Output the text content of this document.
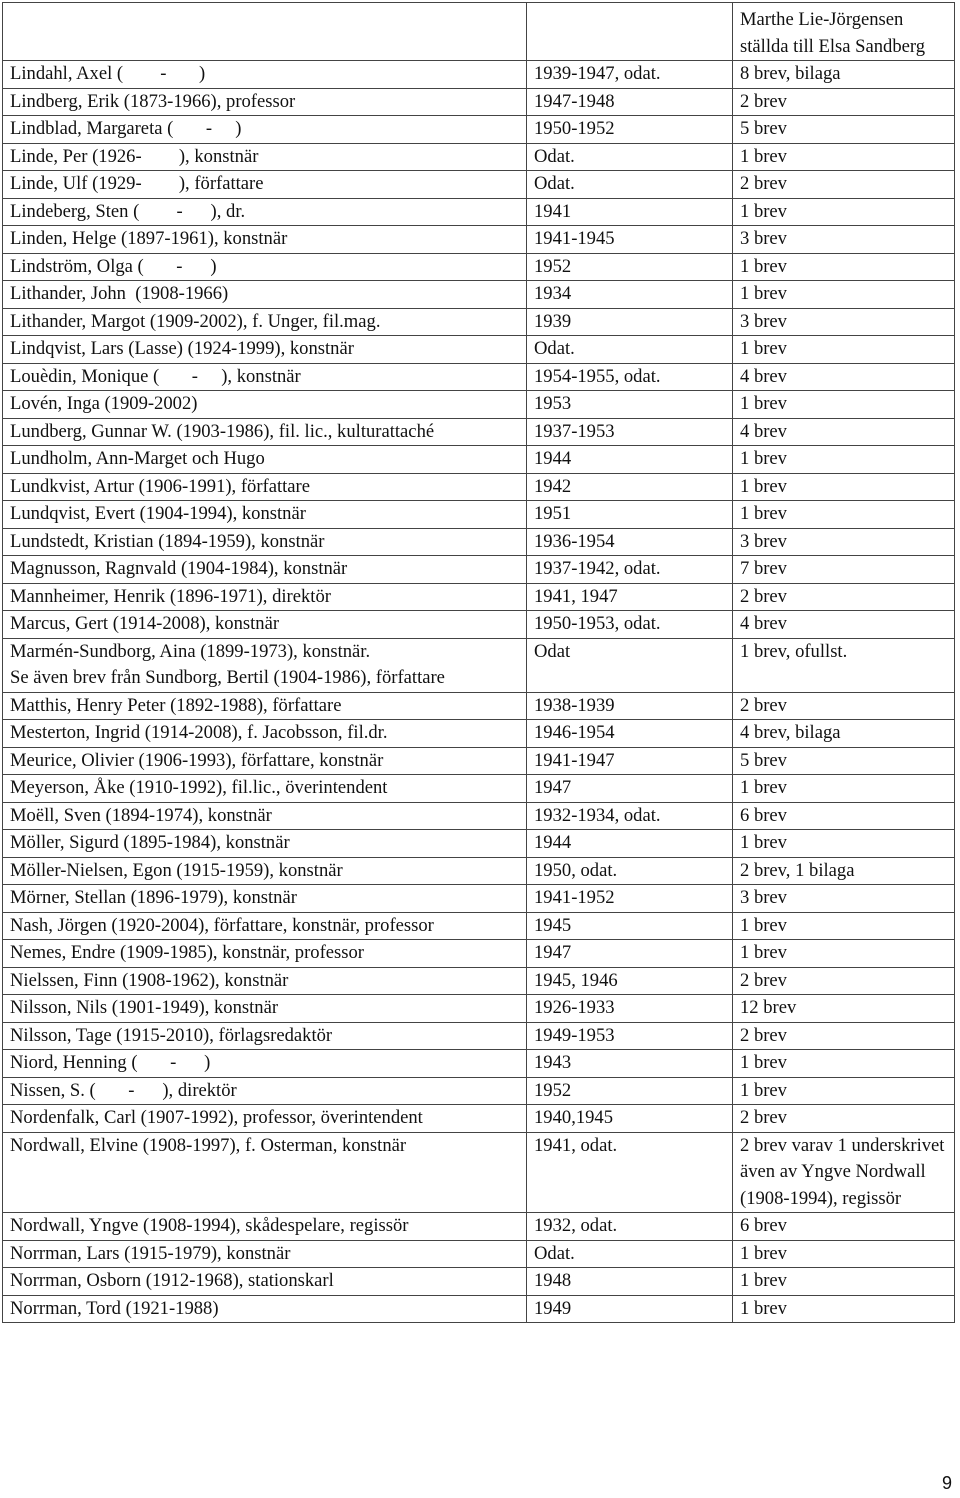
		Marthe Lie-Jörgensen ställda till Elsa Sandberg
Lindahl, Axel (        -       )	1939-1947, odat.	8 brev, bilaga
Lindberg, Erik (1873-1966), professor	1947-1948	2 brev
Lindblad, Margareta (       -     )	1950-1952	5 brev
Linde, Per (1926-        ), konstnär	Odat.	1 brev
Linde, Ulf (1929-        ), författare	Odat.	2 brev
Lindeberg, Sten (        -      ), dr.	1941	1 brev
Linden, Helge (1897-1961), konstnär	1941-1945	3 brev
Lindström, Olga (       -      )	1952	1 brev
Lithander, John  (1908-1966)	1934	1 brev
Lithander, Margot (1909-2002), f. Unger, fil.mag.	1939	3 brev
Lindqvist, Lars (Lasse) (1924-1999), konstnär	Odat.	1 brev
Louèdin, Monique (       -     ), konstnär	1954-1955, odat.	4 brev
Lovén, Inga (1909-2002)	1953	1 brev
Lundberg, Gunnar W. (1903-1986), fil. lic., kulturattaché	1937-1953	4 brev
Lundholm, Ann-Marget och Hugo	1944	1 brev
Lundkvist, Artur (1906-1991), författare	1942	1 brev
Lundqvist, Evert (1904-1994), konstnär	1951	1 brev
Lundstedt, Kristian (1894-1959), konstnär	1936-1954	3 brev
Magnusson, Ragnvald (1904-1984), konstnär	1937-1942, odat.	7 brev
Mannheimer, Henrik (1896-1971), direktör	1941, 1947	2 brev
Marcus, Gert (1914-2008), konstnär	1950-1953, odat.	4 brev
Marmén-Sundborg, Aina (1899-1973), konstnär.
Se även brev från Sundborg, Bertil (1904-1986), författare	Odat	1 brev, ofullst.
Matthis, Henry Peter (1892-1988), författare	1938-1939	2 brev
Mesterton, Ingrid (1914-2008), f. Jacobsson, fil.dr.	1946-1954	4 brev, bilaga
Meurice, Olivier (1906-1993), författare, konstnär	1941-1947	5 brev
Meyerson, Åke (1910-1992), fil.lic., överintendent	1947	1 brev
Moëll, Sven (1894-1974), konstnär	1932-1934, odat.	6 brev
Möller, Sigurd (1895-1984), konstnär	1944	1 brev
Möller-Nielsen, Egon (1915-1959), konstnär	1950, odat.	2 brev, 1 bilaga
Mörner, Stellan (1896-1979), konstnär	1941-1952	3 brev
Nash, Jörgen (1920-2004), författare, konstnär, professor	1945	1 brev
Nemes, Endre (1909-1985), konstnär, professor	1947	1 brev
Nielssen, Finn (1908-1962), konstnär	1945, 1946	2 brev
Nilsson, Nils (1901-1949), konstnär	1926-1933	12 brev
Nilsson, Tage (1915-2010), förlagsredaktör	1949-1953	2 brev
Niord, Henning (       -      )	1943	1 brev
Nissen, S. (       -      ), direktör	1952	1 brev
Nordenfalk, Carl (1907-1992), professor, överintendent	1940,1945	2 brev
Nordwall, Elvine (1908-1997), f. Osterman, konstnär	1941, odat.	2 brev varav 1 underskrivet även av Yngve Nordwall (1908-1994), regissör
Nordwall, Yngve (1908-1994), skådespelare, regissör	1932, odat.	6 brev
Norrman, Lars (1915-1979), konstnär	Odat.	1 brev
Norrman, Osborn (1912-1968), stationskarl	1948	1 brev
Norrman, Tord (1921-1988)	1949	1 brev
9
